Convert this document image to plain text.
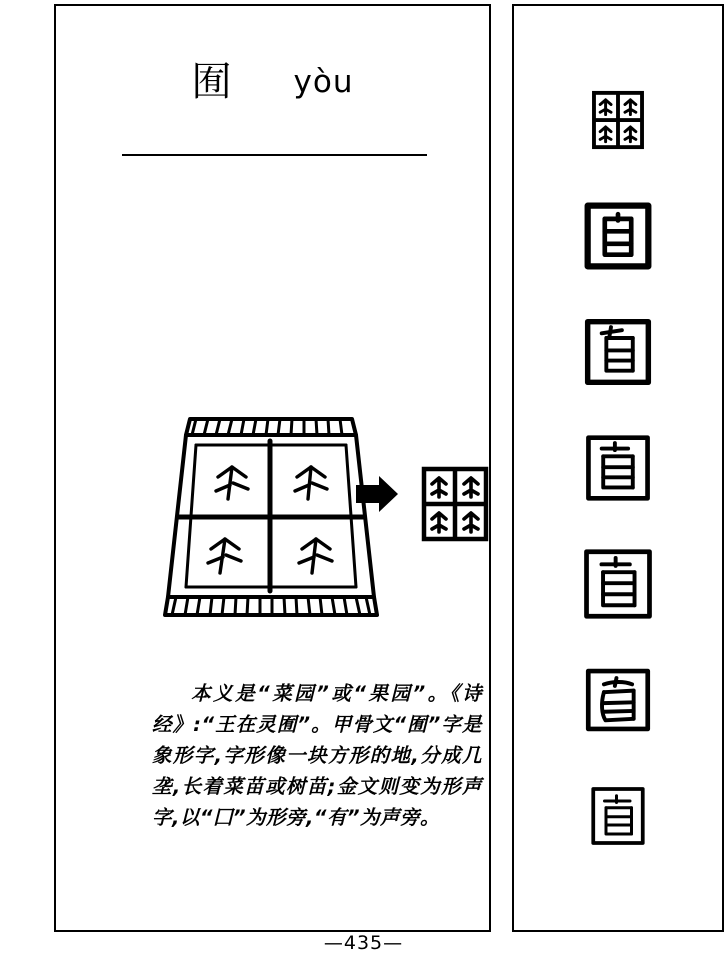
囿 yòu

本义是“菜园”或“果园”。《诗经》:“王在灵囿”。甲骨文“囿”字是象形字,字形像一块方形的地,分成几垄,长着菜苗或树苗;金文则变为形声字,以“囗”为形旁,“有”为声旁。

—435—
